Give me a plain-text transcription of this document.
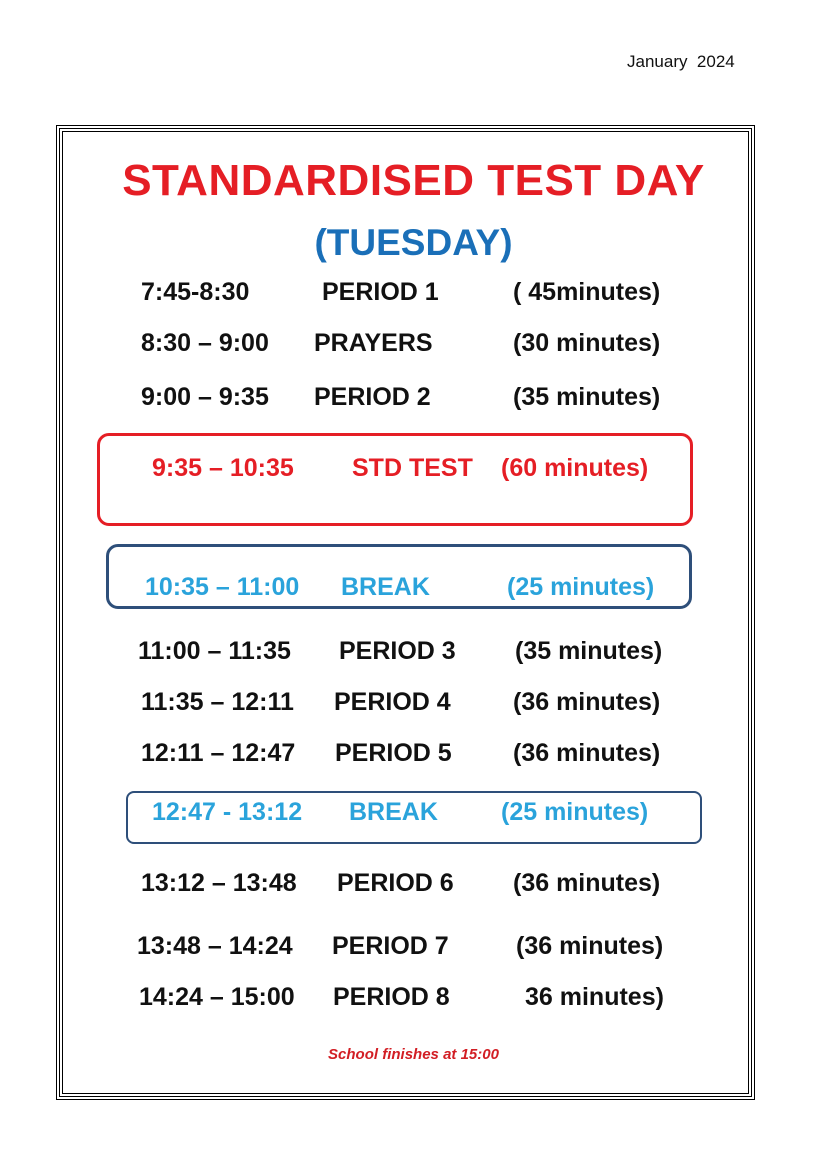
January  2024
STANDARDISED TEST DAY
(TUESDAY)
7:45-8:30	PERIOD 1	( 45minutes)
8:30 – 9:00 PRAYERS	(30 minutes)
9:00 – 9:35 PERIOD 2	(35 minutes)
9:35 – 10:35 STD TEST (60 minutes)
10:35 – 11:00 BREAK	(25 minutes)
11:00 – 11:35 PERIOD 3 (35 minutes)
11:35 – 12:11 PERIOD 4 (36 minutes)
12:11 – 12:47 PERIOD 5 (36 minutes)
12:47 - 13:12 BREAK	(25 minutes)
13:12 – 13:48 PERIOD 6 (36 minutes)
13:48 – 14:24 PERIOD 7	(36 minutes)
14:24 – 15:00 PERIOD 8	36 minutes)
School finishes at 15:00
